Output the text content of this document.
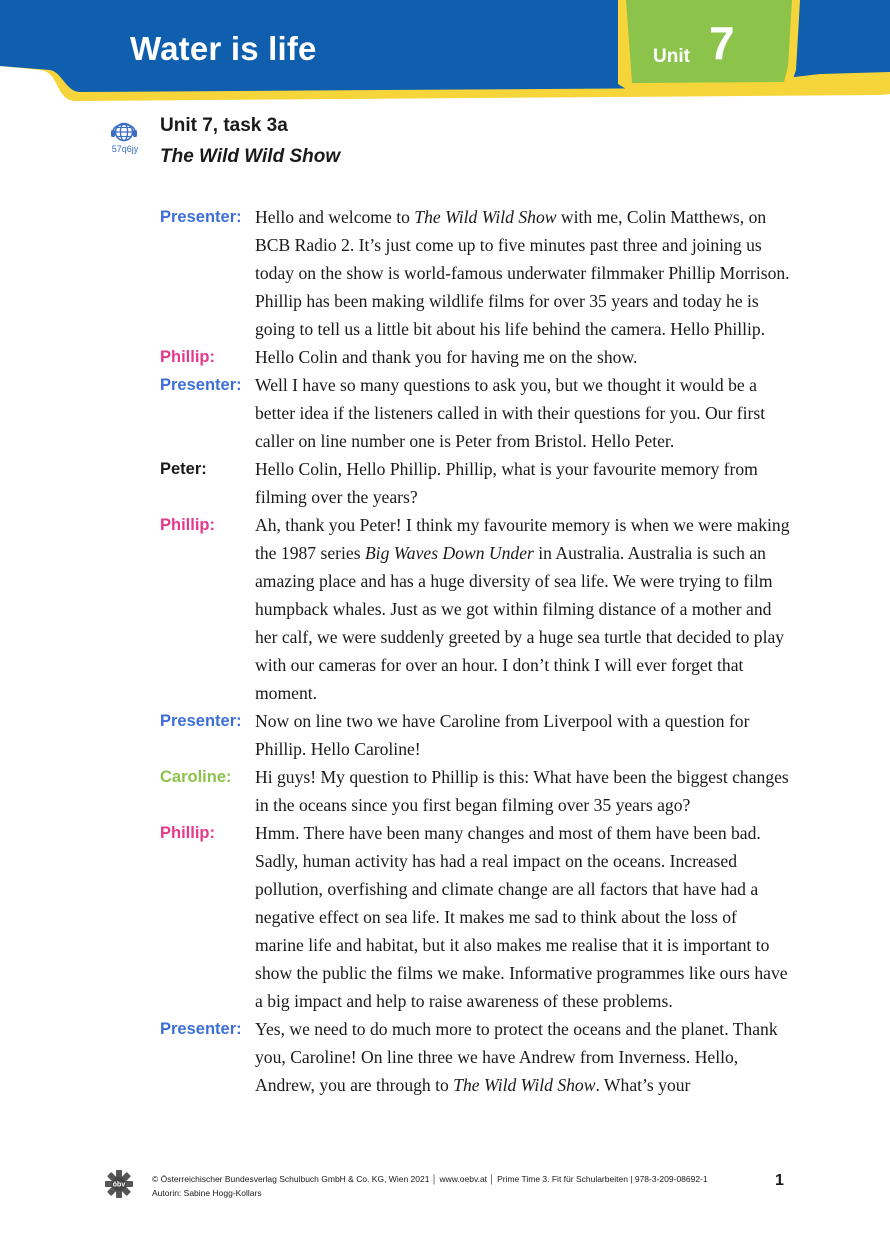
Water is life	Unit 7
57q6jy
Unit 7, task 3a
The Wild Wild Show
Presenter: Hello and welcome to The Wild Wild Show with me, Colin Matthews, on BCB Radio 2. It’s just come up to five minutes past three and joining us today on the show is world-famous underwater filmmaker Phillip Morrison. Phillip has been making wildlife films for over 35 years and today he is going to tell us a little bit about his life behind the camera. Hello Phillip.
Phillip:	Hello Colin and thank you for having me on the show.
Presenter: Well I have so many questions to ask you, but we thought it would be a better idea if the listeners called in with their questions for you. Our first caller on line number one is Peter from Bristol. Hello Peter.
Peter:	Hello Colin, Hello Phillip. Phillip, what is your favourite memory from filming over the years?
Phillip:	Ah, thank you Peter! I think my favourite memory is when we were making the 1987 series Big Waves Down Under in Australia. Australia is such an amazing place and has a huge diversity of sea life. We were trying to film humpback whales. Just as we got within filming distance of a mother and her calf, we were suddenly greeted by a huge sea turtle that decided to play with our cameras for over an hour. I don’t think I will ever forget that moment.
Presenter: Now on line two we have Caroline from Liverpool with a question for Phillip. Hello Caroline!
Caroline:	Hi guys! My question to Phillip is this: What have been the biggest changes in the oceans since you first began filming over 35 years ago?
Phillip:	Hmm. There have been many changes and most of them have been bad. Sadly, human activity has had a real impact on the oceans. Increased pollution, overfishing and climate change are all factors that have had a negative effect on sea life. It makes me sad to think about the loss of marine life and habitat, but it also makes me realise that it is important to show the public the films we make. Informative programmes like ours have a big impact and help to raise awareness of these problems.
Presenter: Yes, we need to do much more to protect the oceans and the planet. Thank you, Caroline! On line three we have Andrew from Inverness. Hello, Andrew, you are through to The Wild Wild Show. What’s your
öbv
© Österreichischer Bundesverlag Schulbuch GmbH & Co. KG, Wien 2021 │ www.oebv.at │ Prime Time 3. Fit für Schularbeiten | 978-3-209-08692-1
Autorin: Sabine Hogg-Kollars
1
